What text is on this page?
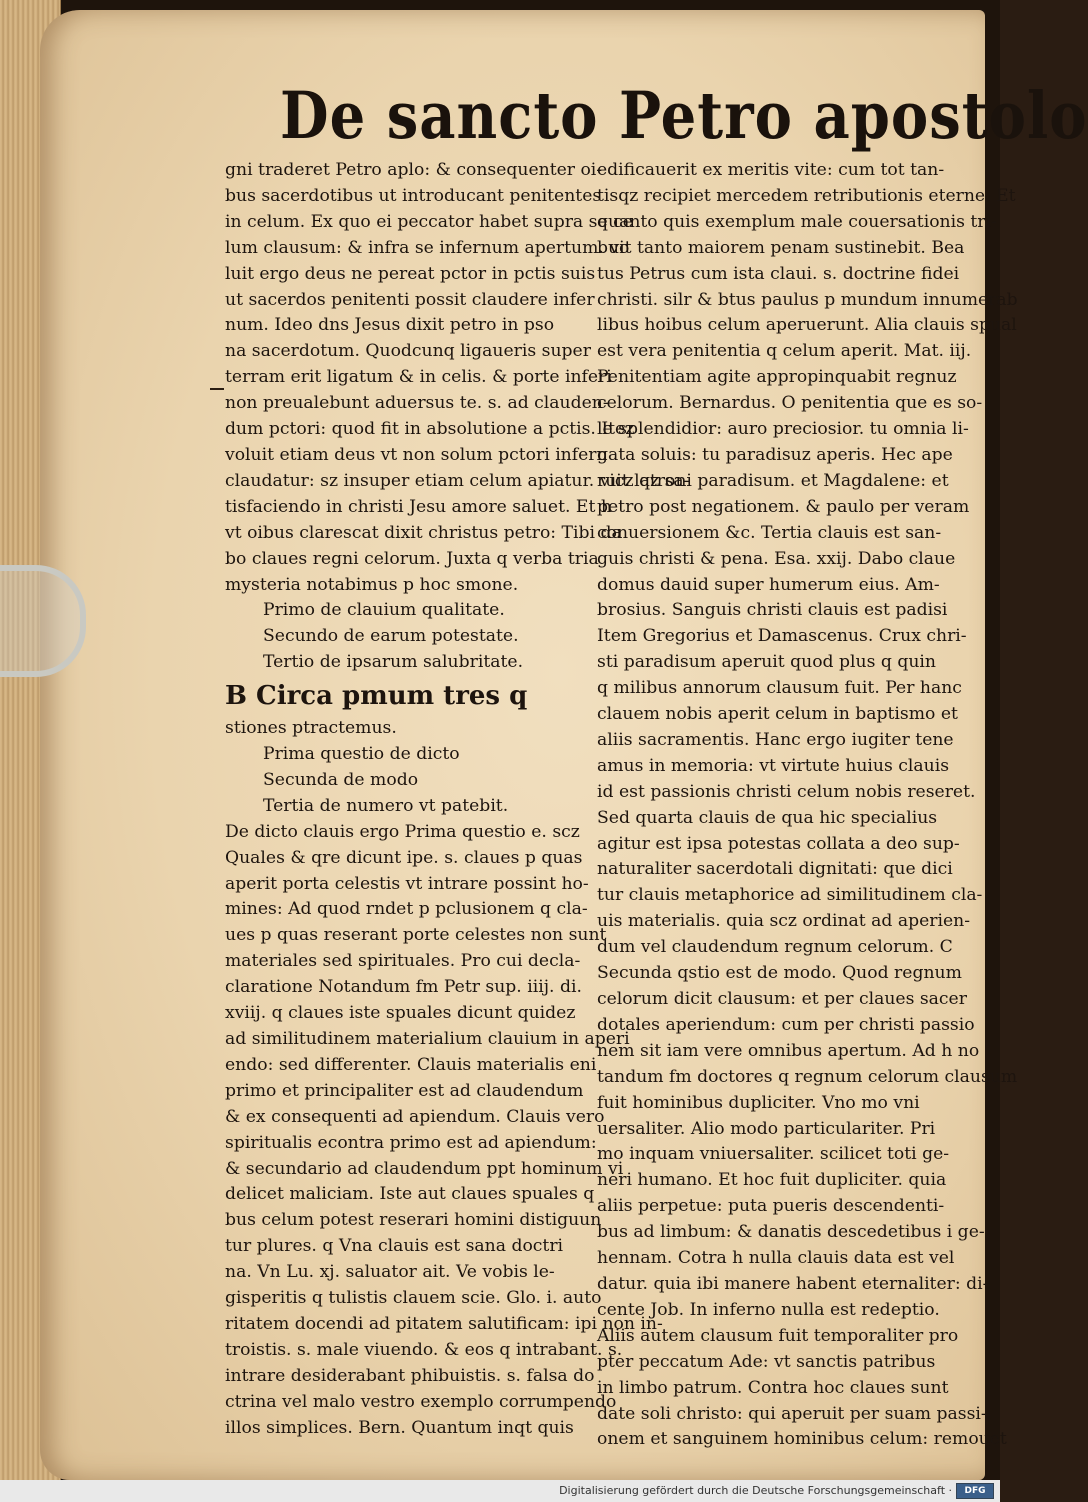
De sancto Petro apostolo
gni traderet Petro aplo: & consequenter oi-
bus sacerdotibus ut introducant penitentes
in celum. Ex quo ei peccator habet supra se ce
lum clausum: & infra se infernum apertum. vo
luit ergo deus ne pereat pctor in pctis suis
ut sacerdos penitenti possit claudere infer
num. Ideo dns Jesus dixit petro in pso
na sacerdotum. Quodcunq ligaueris super
terram erit ligatum & in celis. & porte inferi
non preualebunt aduersus te. s. ad clauden-
dum pctori: quod fit in absolutione a pctis. Itez
voluit etiam deus vt non solum pctori infern
claudatur: sz insuper etiam celum apiatur. vicz qz sa-
tisfaciendo in christi Jesu amore saluet. Et h
vt oibus clarescat dixit christus petro: Tibi da
bo claues regni celorum. Juxta q verba tria
mysteria notabimus p hoc smone.
Primo de clauium qualitate.
Secundo de earum potestate.
Tertio de ipsarum salubritate.
B Circa pmum tres q
stiones ptractemus.
Prima questio de dicto
Secunda de modo
Tertia de numero vt patebit.
De dicto clauis ergo Prima questio e. scz
Quales & qre dicunt ipe. s. claues p quas
aperit porta celestis vt intrare possint ho-
mines: Ad quod rndet p pclusionem q cla-
ues p quas reserant porte celestes non sunt
materiales sed spirituales. Pro cui decla-
claratione Notandum fm Petr sup. iiij. di.
xviij. q claues iste spuales dicunt quidez
ad similitudinem materialium clauium in aperi
endo: sed differenter. Clauis materialis eni
primo et principaliter est ad claudendum
& ex consequenti ad apiendum. Clauis vero
spiritualis econtra primo est ad apiendum:
& secundario ad claudendum ppt hominum vi
delicet maliciam. Iste aut claues spuales q
bus celum potest reserari homini distiguun
tur plures. q Vna clauis est sana doctri
na. Vn Lu. xj. saluator ait. Ve vobis le-
gisperitis q tulistis clauem scie. Glo. i. auto
ritatem docendi ad pitatem salutificam: ipi non in-
troistis. s. male viuendo. & eos q intrabant. s.
intrare desiderabant phibuistis. s. falsa do
ctrina vel malo vestro exemplo corrumpendo
illos simplices. Bern. Quantum inqt quis
edificauerit ex meritis vite: cum tot tan-
tisqz recipiet mercedem retributionis eterne. Et
quanto quis exemplum male couersationis tri-
buit tanto maiorem penam sustinebit. Bea
tus Petrus cum ista claui. s. doctrine fidei
christi. silr & btus paulus p mundum innumerab
libus hoibus celum aperuerunt. Alia clauis spual
est vera penitentia q celum aperit. Mat. iij.
Penitentiam agite appropinquabit regnuz
celorum. Bernardus. O penitentia que es so-
le splendidior: auro preciosior. tu omnia li-
gata soluis: tu paradisuz aperis. Hec ape
ruit latroni paradisum. et Magdalene: et
petro post negationem. & paulo per veram
conuersionem &c. Tertia clauis est san-
guis christi & pena. Esa. xxij. Dabo claue
domus dauid super humerum eius. Am-
brosius. Sanguis christi clauis est padisi
Item Gregorius et Damascenus. Crux chri-
sti paradisum aperuit quod plus q quin
q milibus annorum clausum fuit. Per hanc
clauem nobis aperit celum in baptismo et
aliis sacramentis. Hanc ergo iugiter tene
amus in memoria: vt virtute huius clauis
id est passionis christi celum nobis reseret.
Sed quarta clauis de qua hic specialius
agitur est ipsa potestas collata a deo sup-
naturaliter sacerdotali dignitati: que dici
tur clauis metaphorice ad similitudinem cla-
uis materialis. quia scz ordinat ad aperien-
dum vel claudendum regnum celorum. C
Secunda qstio est de modo. Quod regnum
celorum dicit clausum: et per claues sacer
dotales aperiendum: cum per christi passio
nem sit iam vere omnibus apertum. Ad h no
tandum fm doctores q regnum celorum clausum
fuit hominibus dupliciter. Vno mo vni
uersaliter. Alio modo particulariter. Pri
mo inquam vniuersaliter. scilicet toti ge-
neri humano. Et hoc fuit dupliciter. quia
aliis perpetue: puta pueris descendenti-
bus ad limbum: & danatis descedetibus i ge-
hennam. Cotra h nulla clauis data est vel
datur. quia ibi manere habent eternaliter: di-
cente Job. In inferno nulla est redeptio.
Aliis autem clausum fuit temporaliter pro
pter peccatum Ade: vt sanctis patribus
in limbo patrum. Contra hoc claues sunt
date soli christo: qui aperuit per suam passi-
onem et sanguinem hominibus celum: remouet
Digitalisierung gefördert durch die Deutsche Forschungsgemeinschaft ·	DFG
